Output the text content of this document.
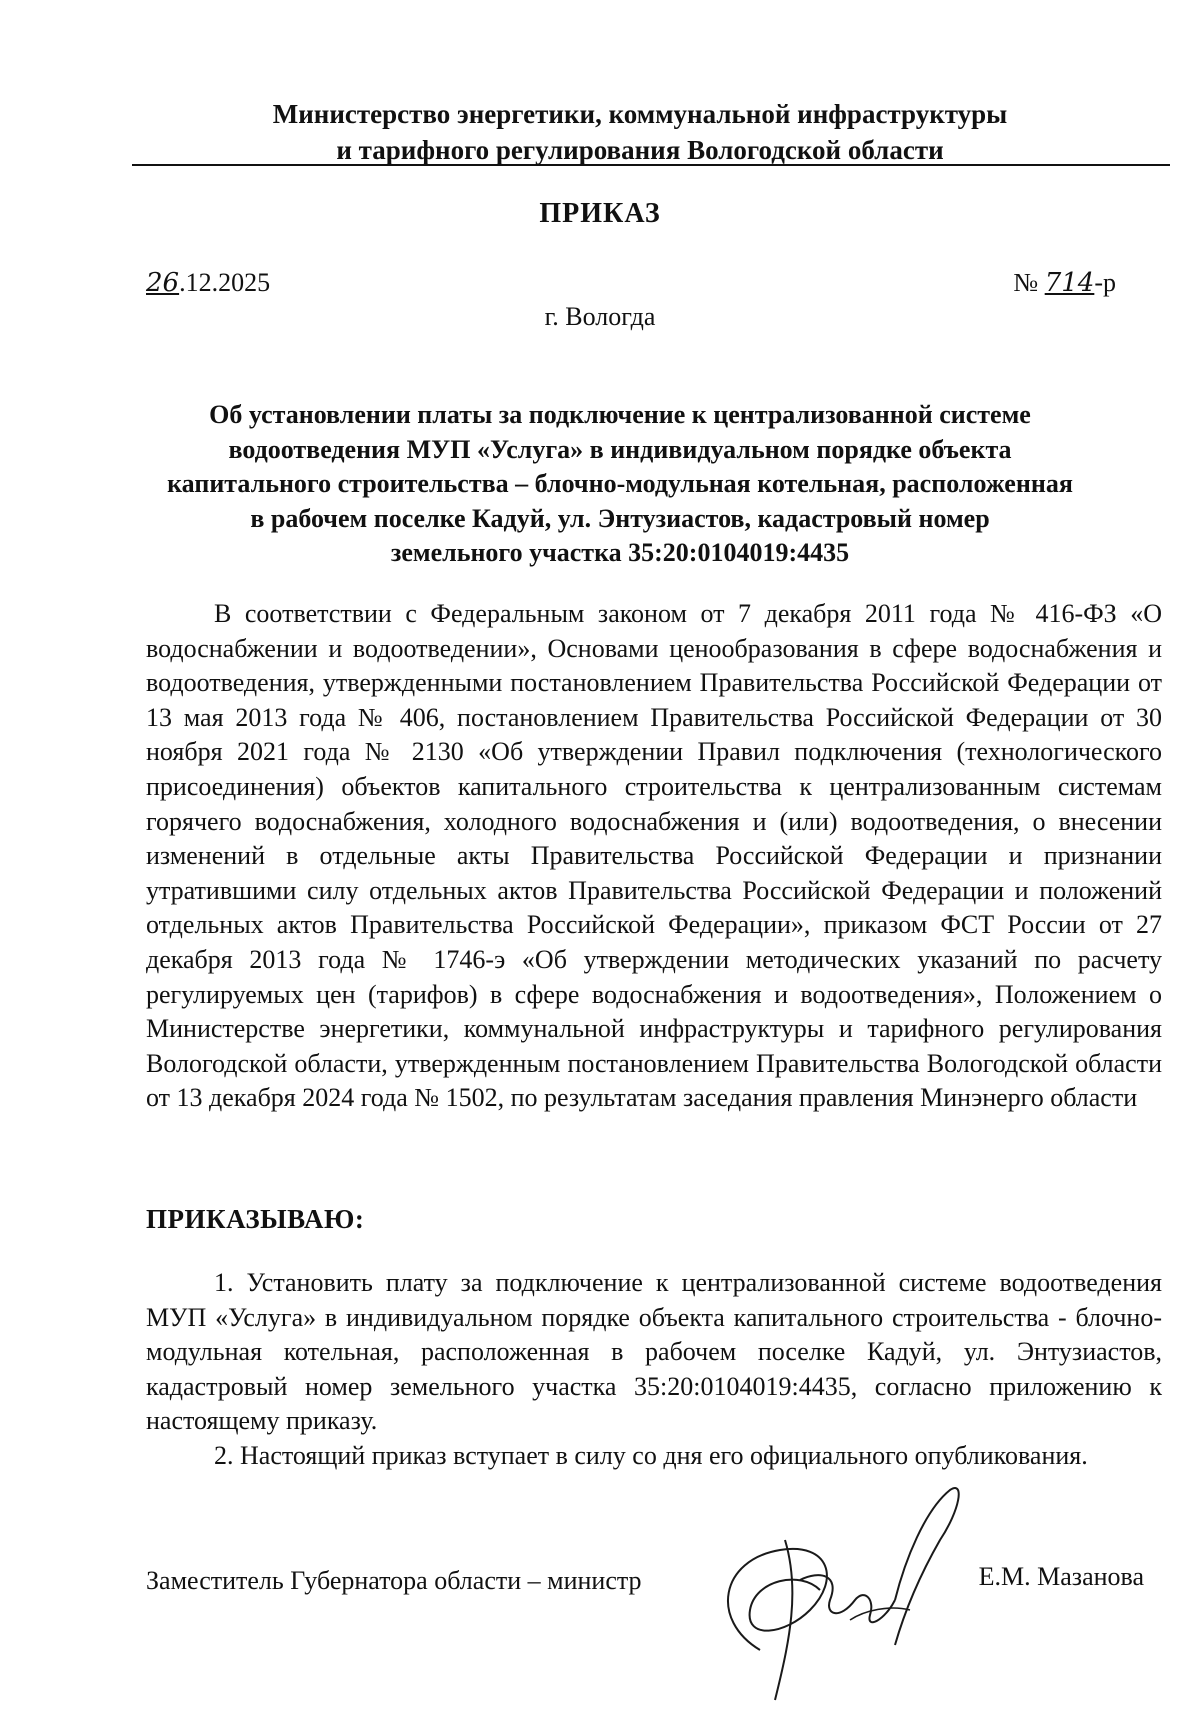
Министерство энергетики, коммунальной инфраструктуры
и тарифного регулирования Вологодской области
ПРИКАЗ
26.12.2025	№ 714-р
г. Вологда
Об установлении платы за подключение к централизованной системе
водоотведения МУП «Услуга» в индивидуальном порядке объекта
капитального строительства – блочно-модульная котельная, расположенная
в рабочем поселке Кадуй, ул. Энтузиастов, кадастровый номер
земельного участка 35:20:0104019:4435

В соответствии с Федеральным законом от 7 декабря 2011 года № 416-ФЗ «О водоснабжении и водоотведении», Основами ценообразования в сфере водоснабжения и водоотведения, утвержденными постановлением Правительства Российской Федерации от 13 мая 2013 года № 406, постановлением Правительства Российской Федерации от 30 ноября 2021 года № 2130 «Об утверждении Правил подключения (технологического присоединения) объектов капитального строительства к централизованным системам горячего водоснабжения, холодного водоснабжения и (или) водоотведения, о внесении изменений в отдельные акты Правительства Российской Федерации и признании утратившими силу отдельных актов Правительства Российской Федерации и положений отдельных актов Правительства Российской Федерации», приказом ФСТ России от 27 декабря 2013 года № 1746-э «Об утверждении методических указаний по расчету регулируемых цен (тарифов) в сфере водоснабжения и водоотведения», Положением о Министерстве энергетики, коммунальной инфраструктуры и тарифного регулирования Вологодской области, утвержденным постановлением Правительства Вологодской области от 13 декабря 2024 года № 1502, по результатам заседания правления Минэнерго области

ПРИКАЗЫВАЮ:

1. Установить плату за подключение к централизованной системе водоотведения МУП «Услуга» в индивидуальном порядке объекта капитального строительства - блочно-модульная котельная, расположенная в рабочем поселке Кадуй, ул. Энтузиастов, кадастровый номер земельного участка 35:20:0104019:4435, согласно приложению к настоящему приказу.

2. Настоящий приказ вступает в силу со дня его официального опубликования.

Заместитель Губернатора области – министр	Е.М. Мазанова
